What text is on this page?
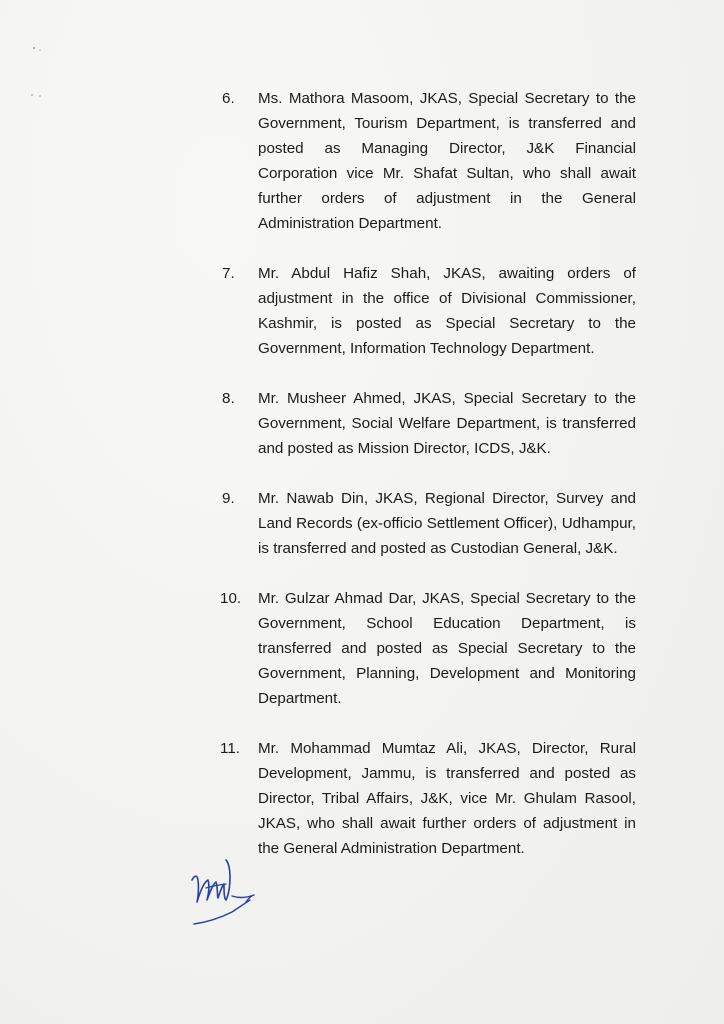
6. Ms. Mathora Masoom, JKAS, Special Secretary to the Government, Tourism Department, is transferred and posted as Managing Director, J&K Financial Corporation vice Mr. Shafat Sultan, who shall await further orders of adjustment in the General Administration Department.
7. Mr. Abdul Hafiz Shah, JKAS, awaiting orders of adjustment in the office of Divisional Commissioner, Kashmir, is posted as Special Secretary to the Government, Information Technology Department.
8. Mr. Musheer Ahmed, JKAS, Special Secretary to the Government, Social Welfare Department, is transferred and posted as Mission Director, ICDS, J&K.
9. Mr. Nawab Din, JKAS, Regional Director, Survey and Land Records (ex-officio Settlement Officer), Udhampur, is transferred and posted as Custodian General, J&K.
10. Mr. Gulzar Ahmad Dar, JKAS, Special Secretary to the Government, School Education Department, is transferred and posted as Special Secretary to the Government, Planning, Development and Monitoring Department.
11. Mr. Mohammad Mumtaz Ali, JKAS, Director, Rural Development, Jammu, is transferred and posted as Director, Tribal Affairs, J&K, vice Mr. Ghulam Rasool, JKAS, who shall await further orders of adjustment in the General Administration Department.
